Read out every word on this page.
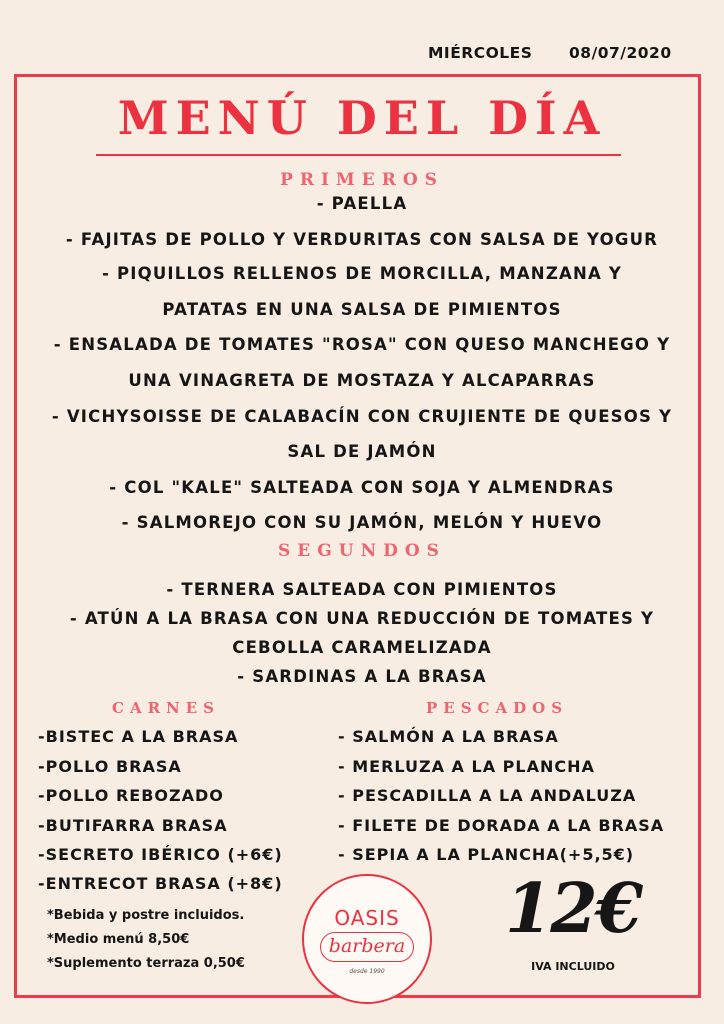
MIÉRCOLES 08/07/2020
MENÚ DEL DÍA
PRIMEROS
- PAELLA
- FAJITAS DE POLLO Y VERDURITAS CON SALSA DE YOGUR
- PIQUILLOS RELLENOS DE MORCILLA, MANZANA Y
PATATAS EN UNA SALSA DE PIMIENTOS
- ENSALADA DE TOMATES "ROSA" CON QUESO MANCHEGO Y
UNA VINAGRETA DE MOSTAZA Y ALCAPARRAS
- VICHYSOISSE DE CALABACÍN CON CRUJIENTE DE QUESOS Y
SAL DE JAMÓN
- COL "KALE" SALTEADA CON SOJA Y ALMENDRAS
- SALMOREJO CON SU JAMÓN, MELÓN Y HUEVO
SEGUNDOS
- TERNERA SALTEADA CON PIMIENTOS
- ATÚN A LA BRASA CON UNA REDUCCIÓN DE TOMATES Y
CEBOLLA CARAMELIZADA
- SARDINAS A LA BRASA
CARNES
-BISTEC A LA BRASA
-POLLO BRASA
-POLLO REBOZADO
-BUTIFARRA BRASA
-SECRETO IBÉRICO (+6€)
-ENTRECOT BRASA (+8€)
PESCADOS
- SALMÓN A LA BRASA
- MERLUZA A LA PLANCHA
- PESCADILLA A LA ANDALUZA
- FILETE DE DORADA A LA BRASA
- SEPIA A LA PLANCHA(+5,5€)
*Bebida y postre incluidos.
*Medio menú 8,50€
*Suplemento terraza 0,50€
OASIS
barbera
desde 1990
12€
IVA INCLUIDO
